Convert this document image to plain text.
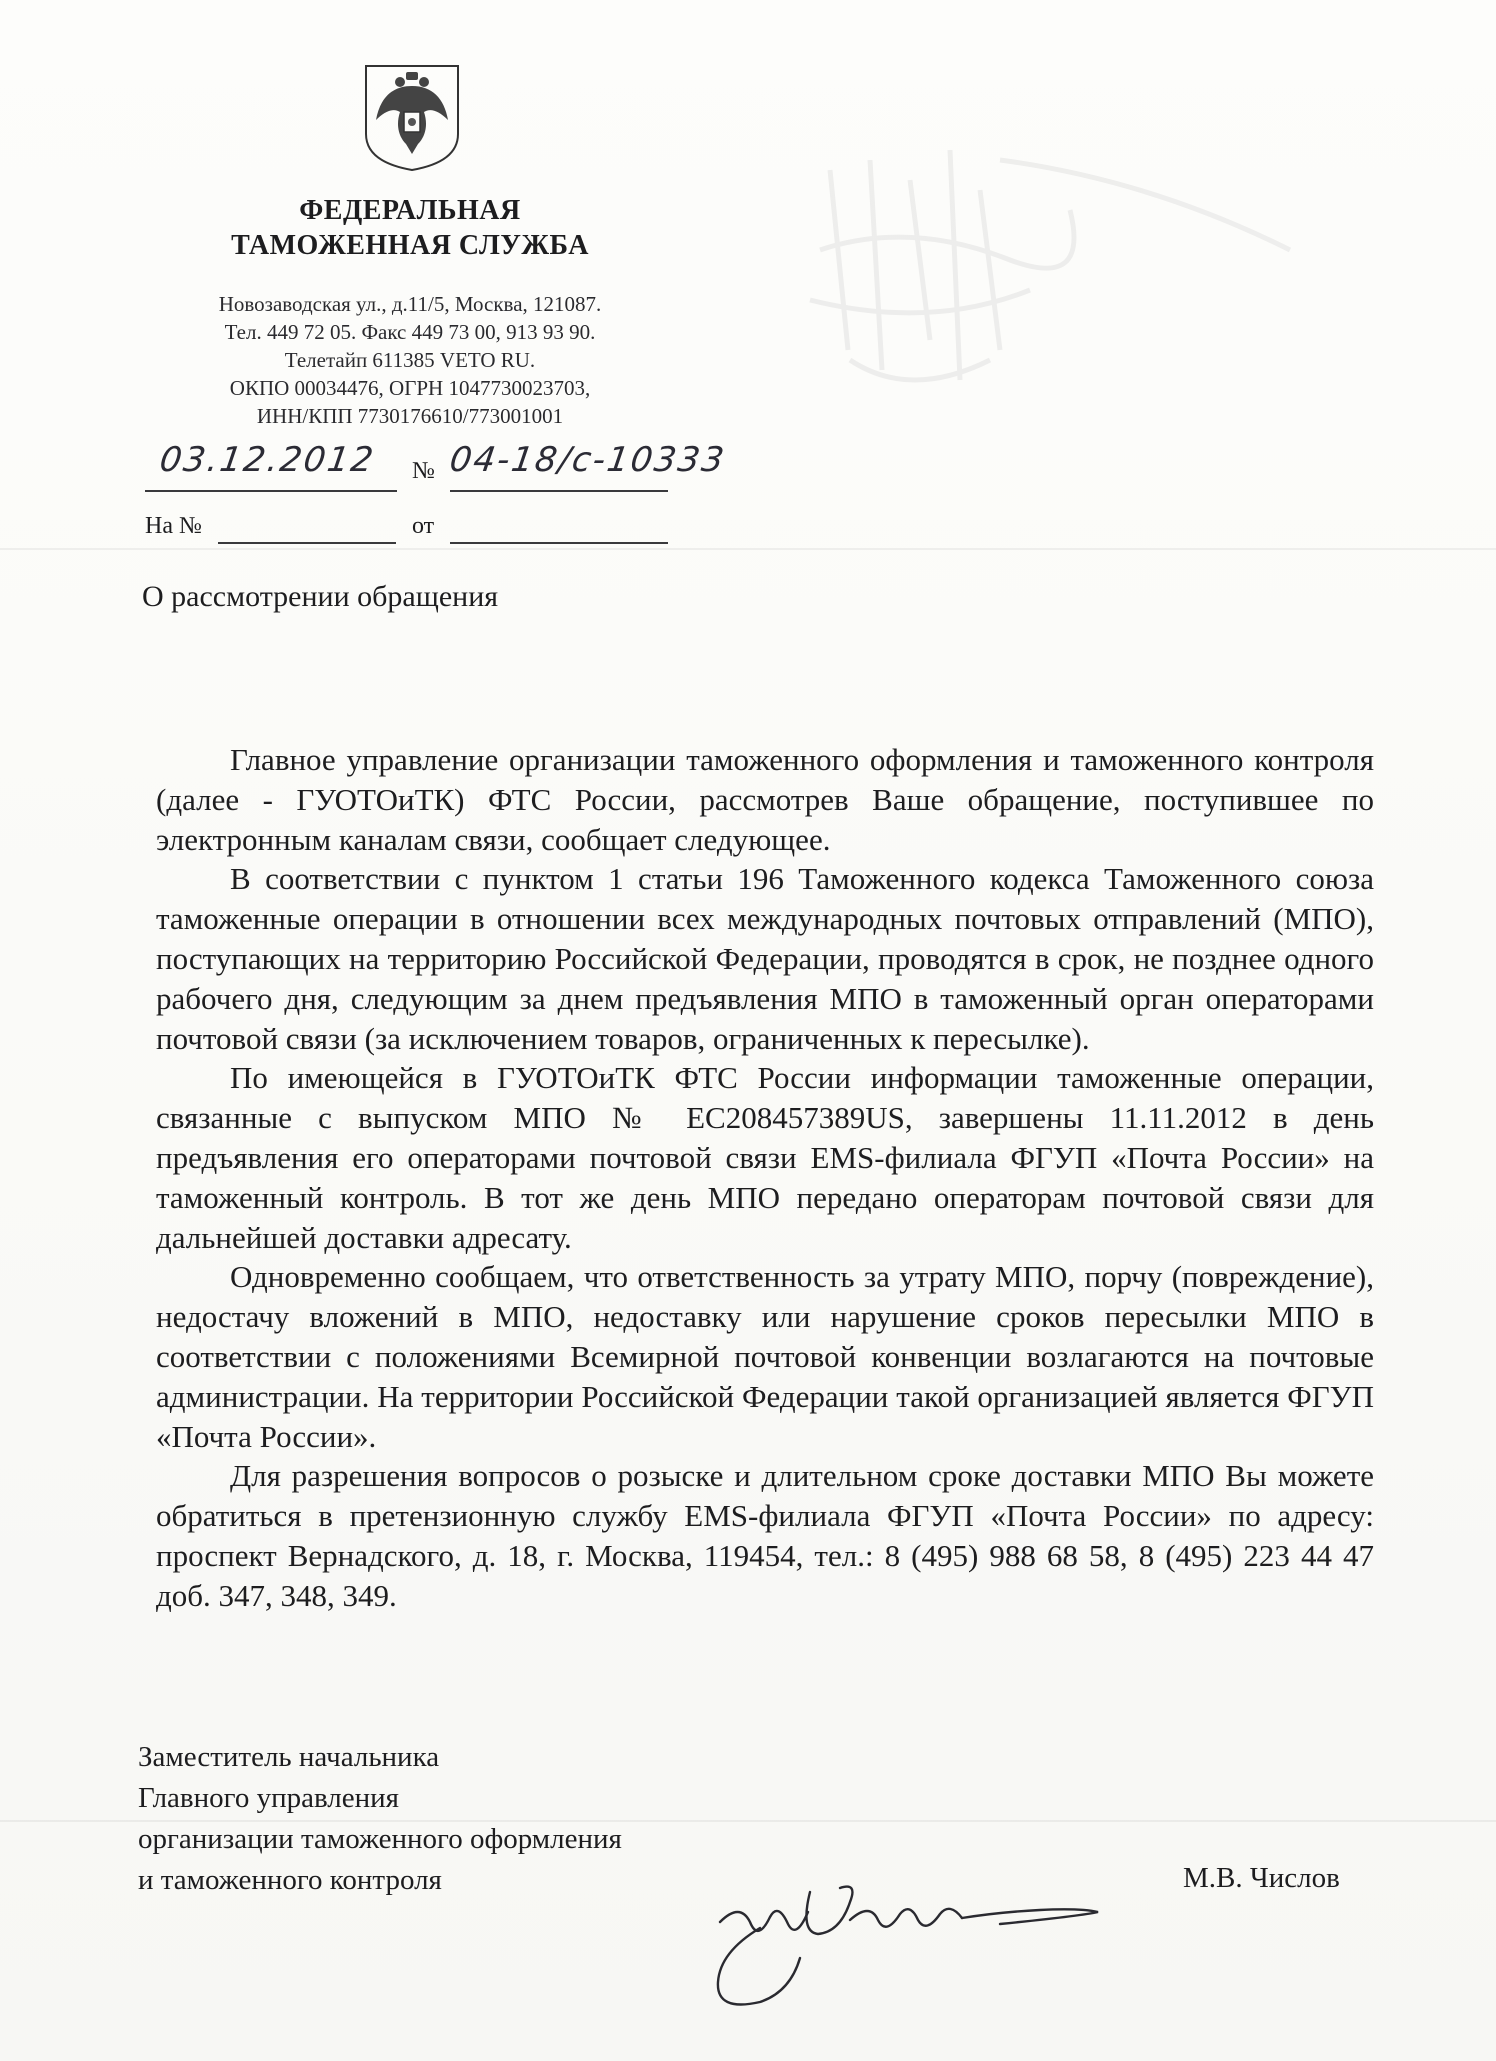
ФЕДЕРАЛЬНАЯ
ТАМОЖЕННАЯ СЛУЖБА
Новозаводская ул., д.11/5, Москва, 121087.
Тел. 449 72 05. Факс 449 73 00, 913 93 90.
Телетайп 611385 VETO RU.
ОКПО 00034476, ОГРН 1047730023703,
ИНН/КПП 7730176610/773001001
03.12.2012 № 04-18/с-10333
На №	от
О рассмотрении обращения

Главное управление организации таможенного оформления и таможенного контроля (далее - ГУОТОиТК) ФТС России, рассмотрев Ваше обращение, поступившее по электронным каналам связи, сообщает следующее.

В соответствии с пунктом 1 статьи 196 Таможенного кодекса Таможенного союза таможенные операции в отношении всех международных почтовых отправлений (МПО), поступающих на территорию Российской Федерации, проводятся в срок, не позднее одного рабочего дня, следующим за днем предъявления МПО в таможенный орган операторами почтовой связи (за исключением товаров, ограниченных к пересылке).

По имеющейся в ГУОТОиТК ФТС России информации таможенные операции, связанные с выпуском МПО № EC208457389US, завершены 11.11.2012 в день предъявления его операторами почтовой связи EMS-филиала ФГУП «Почта России» на таможенный контроль. В тот же день МПО передано операторам почтовой связи для дальнейшей доставки адресату.

Одновременно сообщаем, что ответственность за утрату МПО, порчу (повреждение), недостачу вложений в МПО, недоставку или нарушение сроков пересылки МПО в соответствии с положениями Всемирной почтовой конвенции возлагаются на почтовые администрации. На территории Российской Федерации такой организацией является ФГУП «Почта России».

Для разрешения вопросов о розыске и длительном сроке доставки МПО Вы можете обратиться в претензионную службу EMS-филиала ФГУП «Почта России» по адресу: проспект Вернадского, д. 18, г. Москва, 119454, тел.: 8 (495) 988 68 58, 8 (495) 223 44 47 доб. 347, 348, 349.

Заместитель начальника
Главного управления
организации таможенного оформления
и таможенного контроля	М.В. Числов
